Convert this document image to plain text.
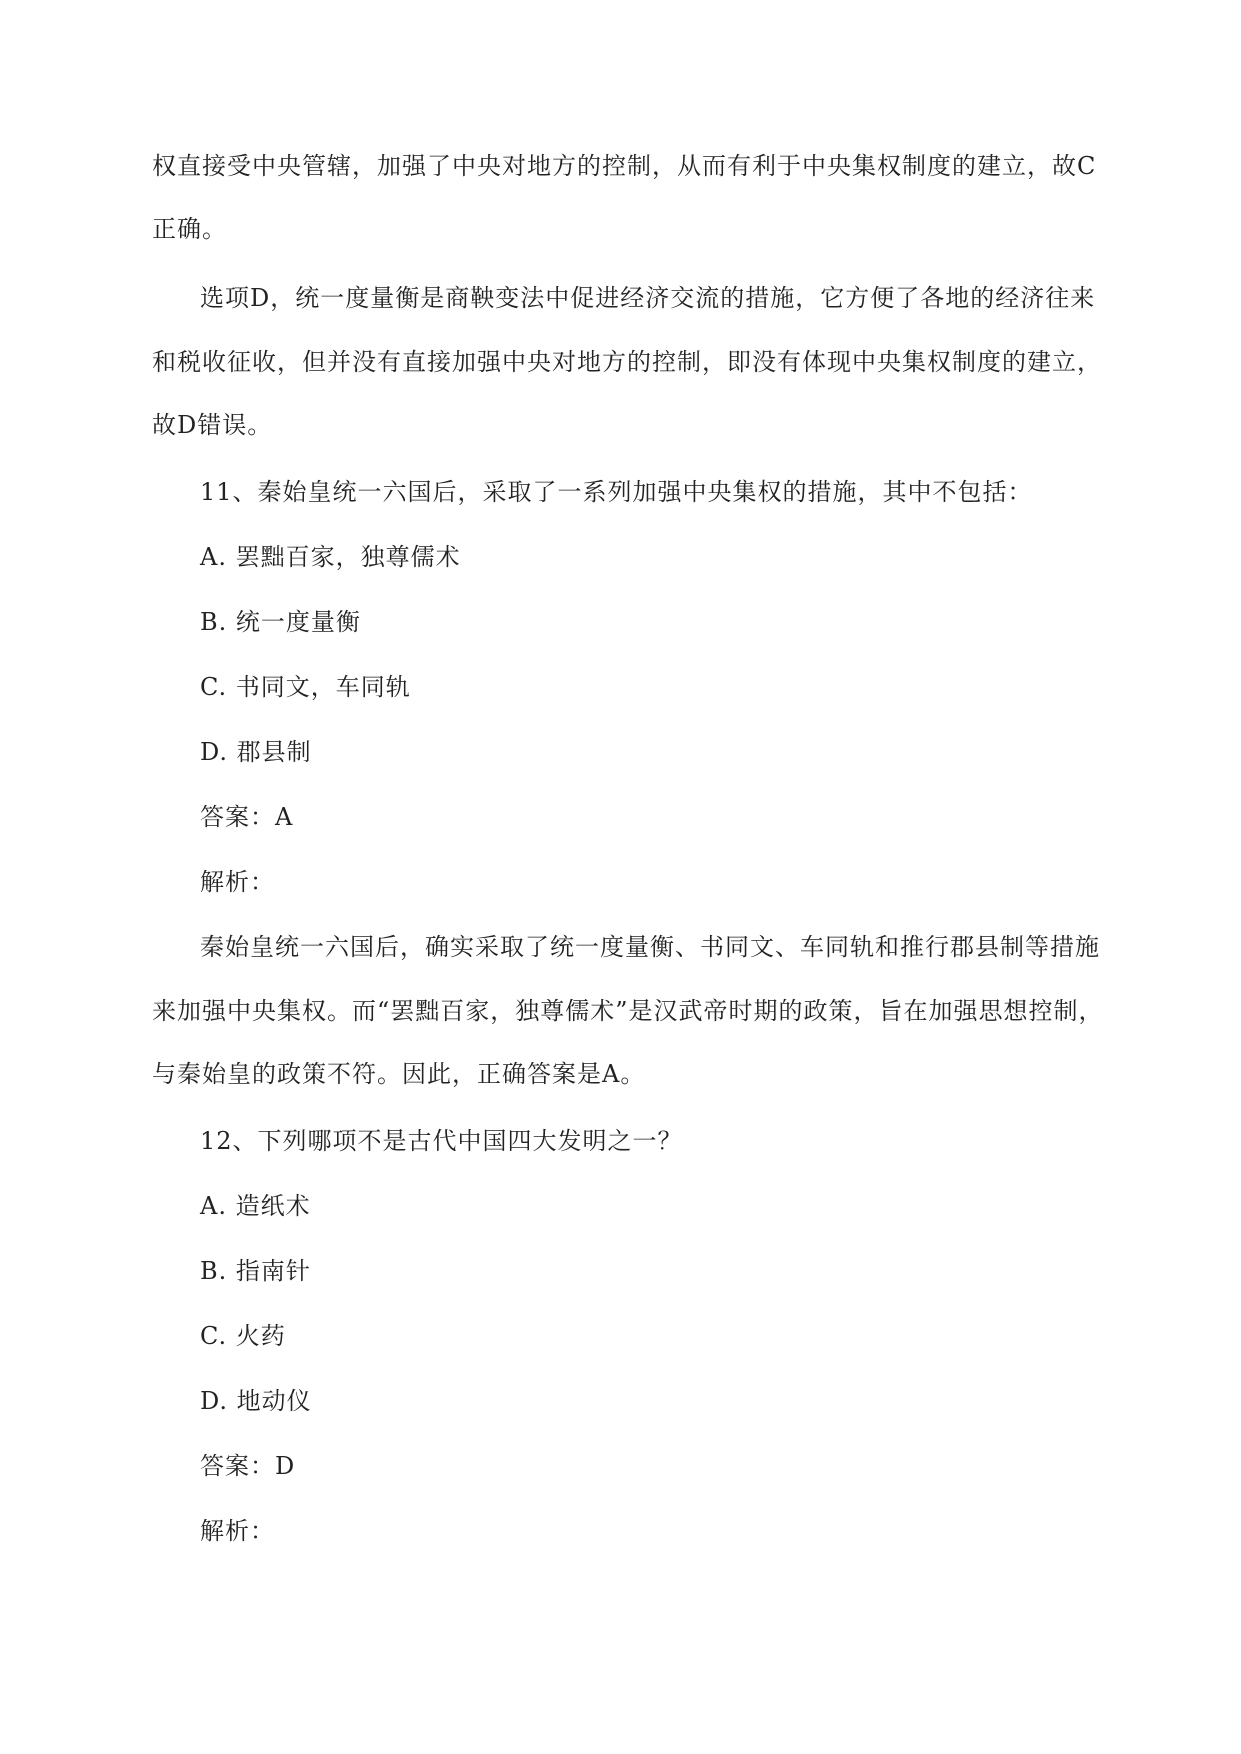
权直接受中央管辖，加强了中央对地方的控制，从而有利于中央集权制度的建立，故C
正确。
选项D，统一度量衡是商鞅变法中促进经济交流的措施，它方便了各地的经济往来
和税收征收，但并没有直接加强中央对地方的控制，即没有体现中央集权制度的建立，
故D错误。
11、秦始皇统一六国后，采取了一系列加强中央集权的措施，其中不包括：
A. 罢黜百家，独尊儒术
B. 统一度量衡
C. 书同文，车同轨
D. 郡县制
答案：A
解析：
秦始皇统一六国后，确实采取了统一度量衡、书同文、车同轨和推行郡县制等措施
来加强中央集权。而“罢黜百家，独尊儒术”是汉武帝时期的政策，旨在加强思想控制，
与秦始皇的政策不符。因此，正确答案是A。
12、下列哪项不是古代中国四大发明之一？
A. 造纸术
B. 指南针
C. 火药
D. 地动仪
答案：D
解析：
